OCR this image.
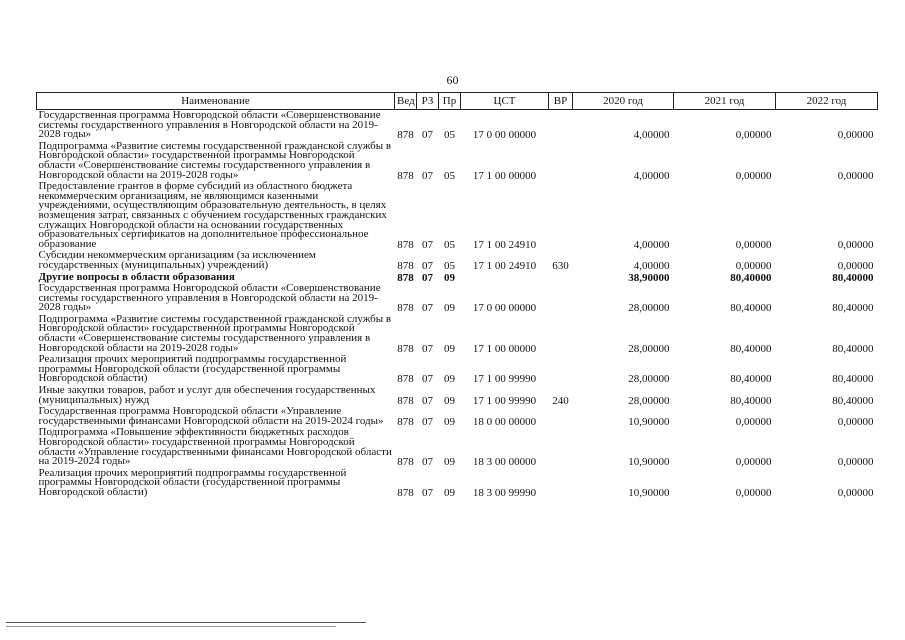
60
Наименование	Вед	РЗ	Пр	ЦСТ	ВР	2020 год	2021 год	2022 год
Государственная программа Новгородской области «Совершенствование системы государственного управления в Новгородской области на 2019-2028 годы»	878	07	05	17 0 00 00000		4,00000	0,00000	0,00000
Подпрограмма «Развитие системы государственной гражданской службы в Новгородской области» государственной программы Новгородской области «Совершенствование системы государственного управления в Новгородской области на 2019-2028 годы»	878	07	05	17 1 00 00000		4,00000	0,00000	0,00000
Предоставление грантов в форме субсидий из областного бюджета некоммерческим организациям, не являющимся казенными учреждениями, осуществляющим образовательную деятельность, в целях возмещения затрат, связанных с обучением государственных гражданских служащих Новгородской области на основании государственных образовательных сертификатов на дополнительное профессиональное образование	878	07	05	17 1 00 24910		4,00000	0,00000	0,00000
Субсидии некоммерческим организациям (за исключением государственных (муниципальных) учреждений)	878	07	05	17 1 00 24910	630	4,00000	0,00000	0,00000
Другие вопросы в области образования	878	07	09			38,90000	80,40000	80,40000
Государственная программа Новгородской области «Совершенствование системы государственного управления в Новгородской области на 2019-2028 годы»	878	07	09	17 0 00 00000		28,00000	80,40000	80,40000
Подпрограмма «Развитие системы государственной гражданской службы в Новгородской области» государственной программы Новгородской области «Совершенствование системы государственного управления в Новгородской области на 2019-2028 годы»	878	07	09	17 1 00 00000		28,00000	80,40000	80,40000
Реализация прочих мероприятий подпрограммы государственной программы Новгородской области (государственной программы Новгородской области)	878	07	09	17 1 00 99990		28,00000	80,40000	80,40000
Иные закупки товаров, работ и услуг для обеспечения государственных (муниципальных) нужд	878	07	09	17 1 00 99990	240	28,00000	80,40000	80,40000
Государственная программа Новгородской области «Управление государственными финансами Новгородской области на 2019-2024 годы»	878	07	09	18 0 00 00000		10,90000	0,00000	0,00000
Подпрограмма «Повышение эффективности бюджетных расходов Новгородской области» государственной программы Новгородской области «Управление государственными финансами Новгородской области на 2019-2024 годы»	878	07	09	18 3 00 00000		10,90000	0,00000	0,00000
Реализация прочих мероприятий подпрограммы государственной программы Новгородской области (государственной программы Новгородской области)	878	07	09	18 3 00 99990		10,90000	0,00000	0,00000
